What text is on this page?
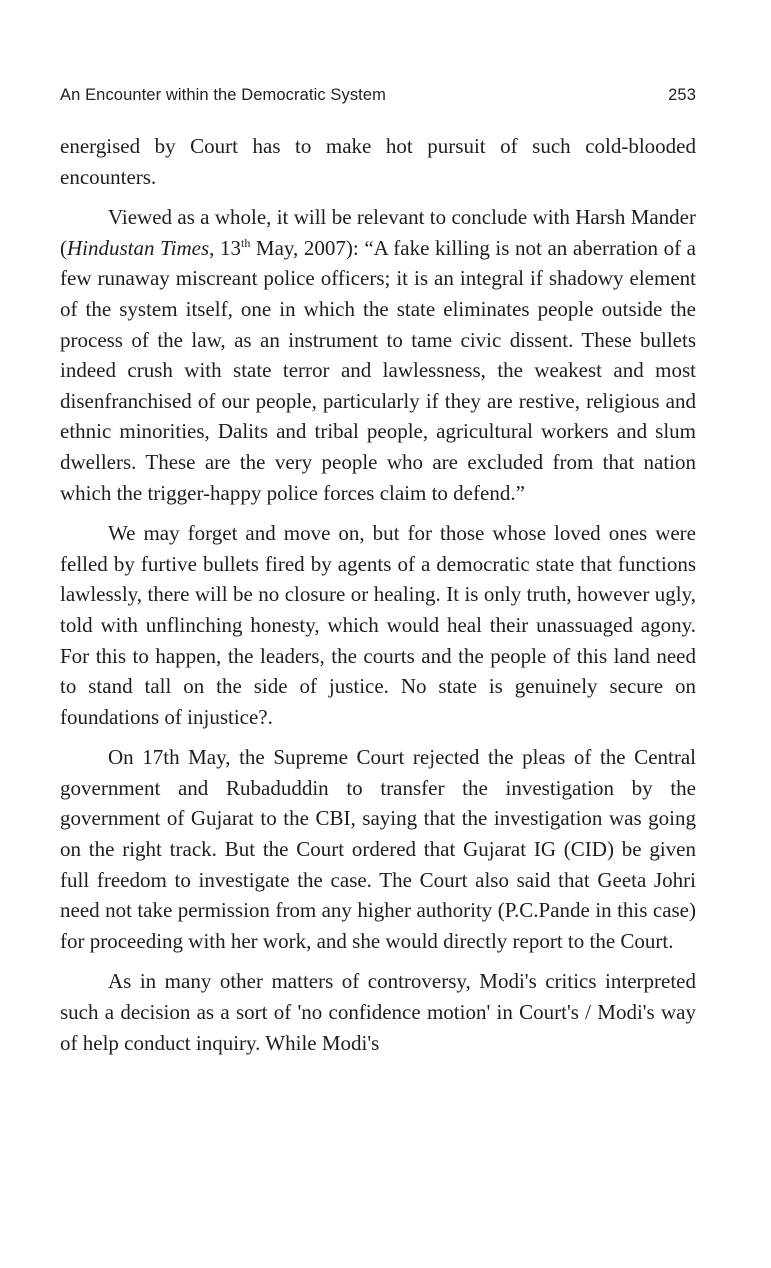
An Encounter within the Democratic System	253

energised by Court has to make hot pursuit of such cold-blooded encounters.

Viewed as a whole, it will be relevant to conclude with Harsh Mander (Hindustan Times, 13th May, 2007): “A fake killing is not an aberration of a few runaway miscreant police officers; it is an integral if shadowy element of the system itself, one in which the state eliminates people outside the process of the law, as an instrument to tame civic dissent. These bullets indeed crush with state terror and lawlessness, the weakest and most disenfranchised of our people, particularly if they are restive, religious and ethnic minorities, Dalits and tribal people, agricultural workers and slum dwellers. These are the very people who are excluded from that nation which the trigger-happy police forces claim to defend.”

We may forget and move on, but for those whose loved ones were felled by furtive bullets fired by agents of a democratic state that functions lawlessly, there will be no closure or healing. It is only truth, however ugly, told with unflinching honesty, which would heal their unassuaged agony. For this to happen, the leaders, the courts and the people of this land need to stand tall on the side of justice. No state is genuinely secure on foundations of injustice?.

On 17th May, the Supreme Court rejected the pleas of the Central government and Rubaduddin to transfer the investigation by the government of Gujarat to the CBI, saying that the investigation was going on the right track. But the Court ordered that Gujarat IG (CID) be given full freedom to investigate the case. The Court also said that Geeta Johri need not take permission from any higher authority (P.C.Pande in this case) for proceeding with her work, and she would directly report to the Court.

As in many other matters of controversy, Modi's critics interpreted such a decision as a sort of 'no confidence motion' in Court's / Modi's way of help conduct inquiry. While Modi's
